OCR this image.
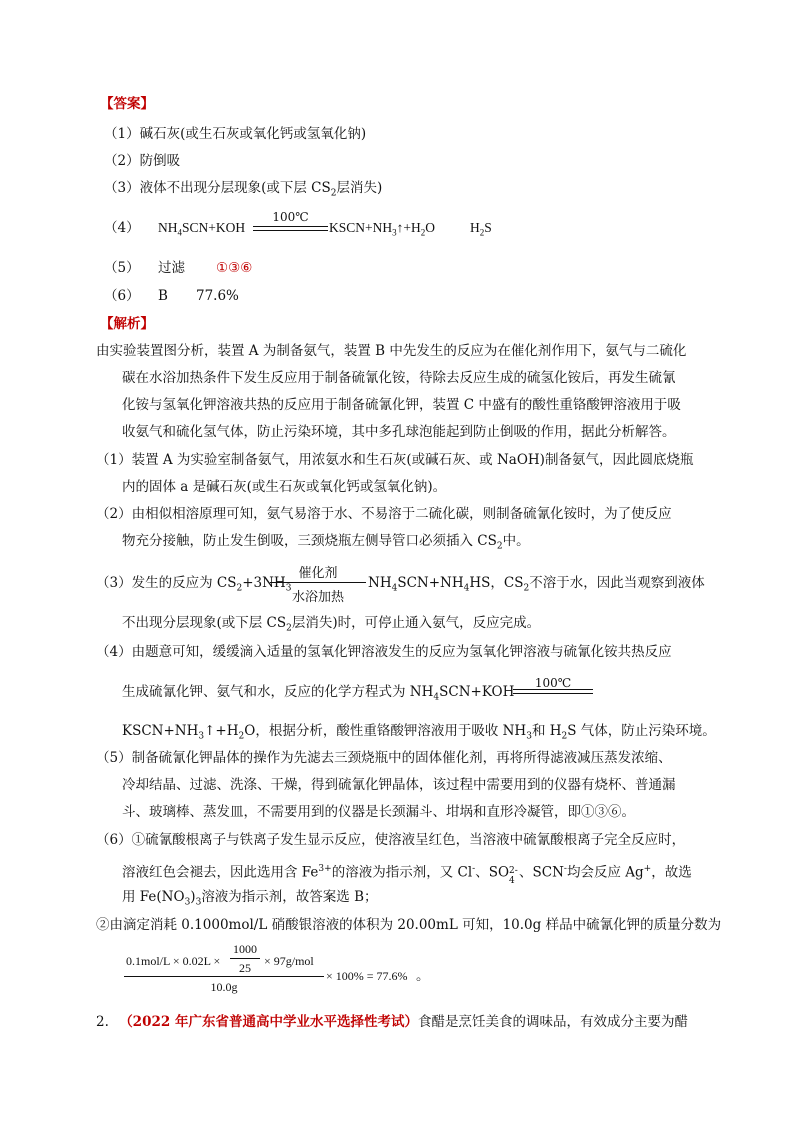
【答案】
（1）碱石灰(或生石灰或氧化钙或氢氧化钠)
（2）防倒吸
（3）液体不出现分层现象(或下层 $CS_2$层消失)
（4） $NH_4SCN+KOH$
100℃
$KSCN+NH_3↑+H_2O$	$H_2S$
（5） 过滤 ①③⑥
（6） B 77.6%
【解析】
由实验装置图分析，装置 A 为制备氨气，装置 B 中先发生的反应为在催化剂作用下，氨气与二硫化
碳在水浴加热条件下发生反应用于制备硫氰化铵，待除去反应生成的硫氢化铵后，再发生硫氰
化铵与氢氧化钾溶液共热的反应用于制备硫氰化钾，装置 C 中盛有的酸性重铬酸钾溶液用于吸
收氨气和硫化氢气体，防止污染环境，其中多孔球泡能起到防止倒吸的作用，据此分析解答。
（1）装置 A 为实验室制备氨气，用浓氨水和生石灰(或碱石灰、或 NaOH)制备氨气，因此圆底烧瓶
内的固体 a 是碱石灰(或生石灰或氧化钙或氢氧化钠)。
（2）由相似相溶原理可知，氨气易溶于水、不易溶于二硫化碳，则制备硫氰化铵时，为了使反应
物充分接触，防止发生倒吸，三颈烧瓶左侧导管口必须插入 $CS_2$中。
（3）发生的反应为 $CS_2+3NH_3$
催化剂
水浴加热
$NH_4SCN+NH_4HS$，$CS_2$不溶于水，因此当观察到液体
不出现分层现象(或下层 $CS_2$层消失)时，可停止通入氨气，反应完成。
（4）由题意可知，缓缓滴入适量的氢氧化钾溶液发生的反应为氢氧化钾溶液与硫氰化铵共热反应
生成硫氰化钾、氨气和水，反应的化学方程式为 $NH_4SCN+KOH$
100℃
$KSCN+NH_3↑+H_2O$，根据分析，酸性重铬酸钾溶液用于吸收 $NH_3$和 $H_2S$ 气体，防止污染环境。
（5）制备硫氰化钾晶体的操作为先滤去三颈烧瓶中的固体催化剂，再将所得滤液减压蒸发浓缩、
冷却结晶、过滤、洗涤、干燥，得到硫氰化钾晶体，该过程中需要用到的仪器有烧杯、普通漏
斗、玻璃棒、蒸发皿，不需要用到的仪器是长颈漏斗、坩埚和直形冷凝管，即①③⑥。
（6）①硫氰酸根离子与铁离子发生显示反应，使溶液呈红色，当溶液中硫氰酸根离子完全反应时，
溶液红色会褪去，因此选用含 $Fe^{3+}$的溶液为指示剂，又 Cl-、SO 2-
4
、SCN-均会反应 Ag+，故选
用 $Fe(NO_3)_3$溶液为指示剂，故答案选 B；
②由滴定消耗 0.1000mol/L 硝酸银溶液的体积为 20.00mL 可知，10.0g 样品中硫氰化钾的质量分数为
0.1mol/L × 0.02L ×
1000
25	× 97g/mol
10.0g
× 100% = 77.6% 。
2. （2022 年广东省普通高中学业水平选择性考试）食醋是烹饪美食的调味品，有效成分主要为醋
